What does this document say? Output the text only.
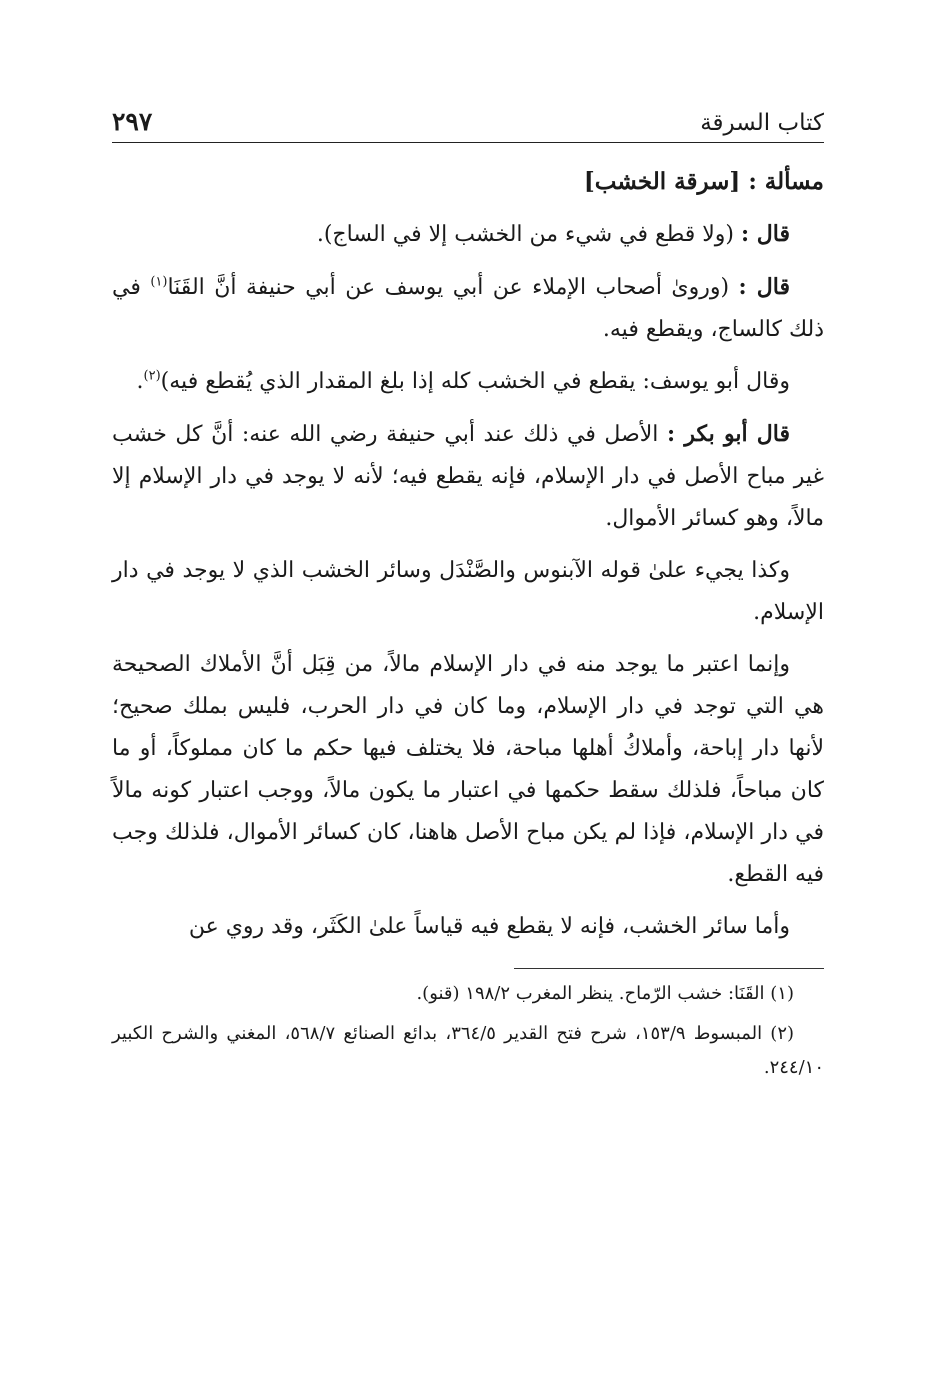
كتاب السرقة
٢٩٧

مسألة : [سرقة الخشب]

قال : (ولا قطع في شيء من الخشب إلا في الساج).

قال : (وروىٰ أصحاب الإملاء عن أبي يوسف عن أبي حنيفة أنَّ القَنَا$^{(١)}$ في ذلك كالساج، ويقطع فيه.

وقال أبو يوسف: يقطع في الخشب كله إذا بلغ المقدار الذي يُقطع فيه)$^{(٢)}$.

قال أبو بكر : الأصل في ذلك عند أبي حنيفة رضي الله عنه: أنَّ كل خشب غير مباح الأصل في دار الإسلام، فإنه يقطع فيه؛ لأنه لا يوجد في دار الإسلام إلا مالاً، وهو كسائر الأموال.

وكذا يجيء علىٰ قوله الآبنوس والصَّنْدَل وسائر الخشب الذي لا يوجد في دار الإسلام.

وإنما اعتبر ما يوجد منه في دار الإسلام مالاً، من قِبَل أنَّ الأملاك الصحيحة هي التي توجد في دار الإسلام، وما كان في دار الحرب، فليس بملك صحيح؛ لأنها دار إباحة، وأملاكُ أهلها مباحة، فلا يختلف فيها حكم ما كان مملوكاً، أو ما كان مباحاً، فلذلك سقط حكمها في اعتبار ما يكون مالاً، ووجب اعتبار كونه مالاً في دار الإسلام، فإذا لم يكن مباح الأصل هاهنا، كان كسائر الأموال، فلذلك وجب فيه القطع.

وأما سائر الخشب، فإنه لا يقطع فيه قياساً علىٰ الكَثَر، وقد روي عن

(١) القَنَا: خشب الرّماح. ينظر المغرب ١٩٨/٢ (قنو).

(٢) المبسوط ١٥٣/٩، شرح فتح القدير ٣٦٤/٥، بدائع الصنائع ٥٦٨/٧، المغني والشرح الكبير ٢٤٤/١٠.
